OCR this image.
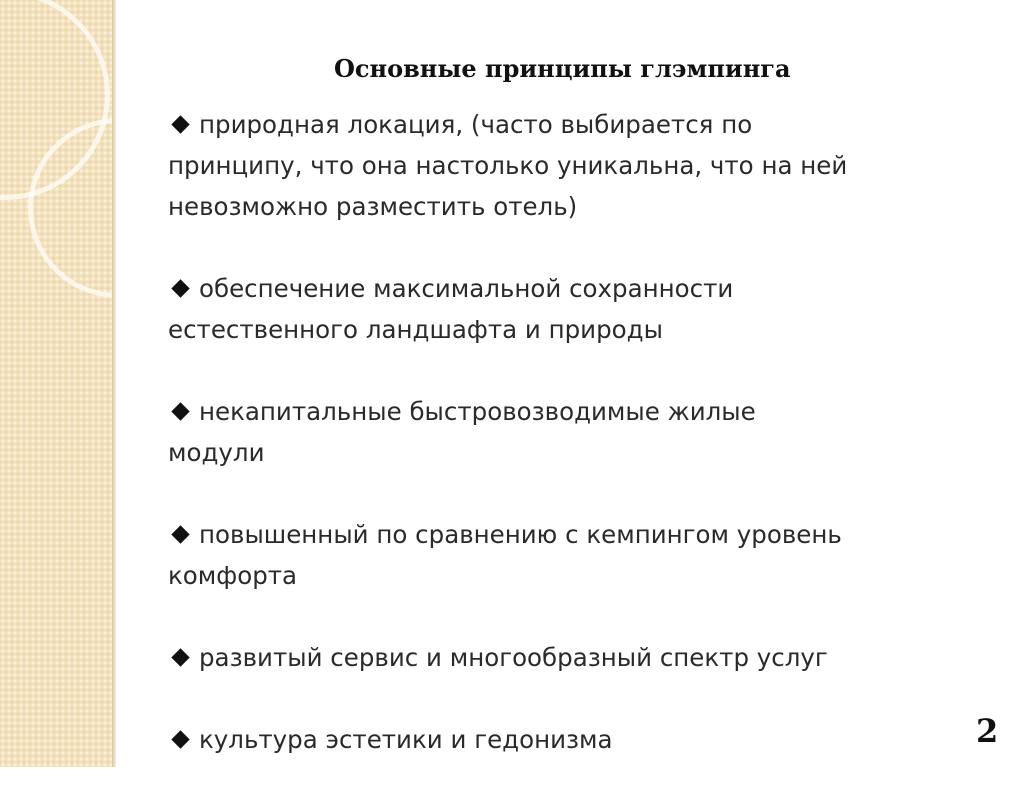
Основные принципы глэмпинга
природная локация, (часто выбирается по
принципу, что она настолько уникальна, что на ней
невозможно разместить отель)
обеспечение максимальной сохранности
естественного ландшафта и природы
некапитальные быстровозводимые жилые
модули
повышенный по сравнению с кемпингом уровень
комфорта
развитый сервис и многообразный спектр услуг
культура эстетики и гедонизма	2
